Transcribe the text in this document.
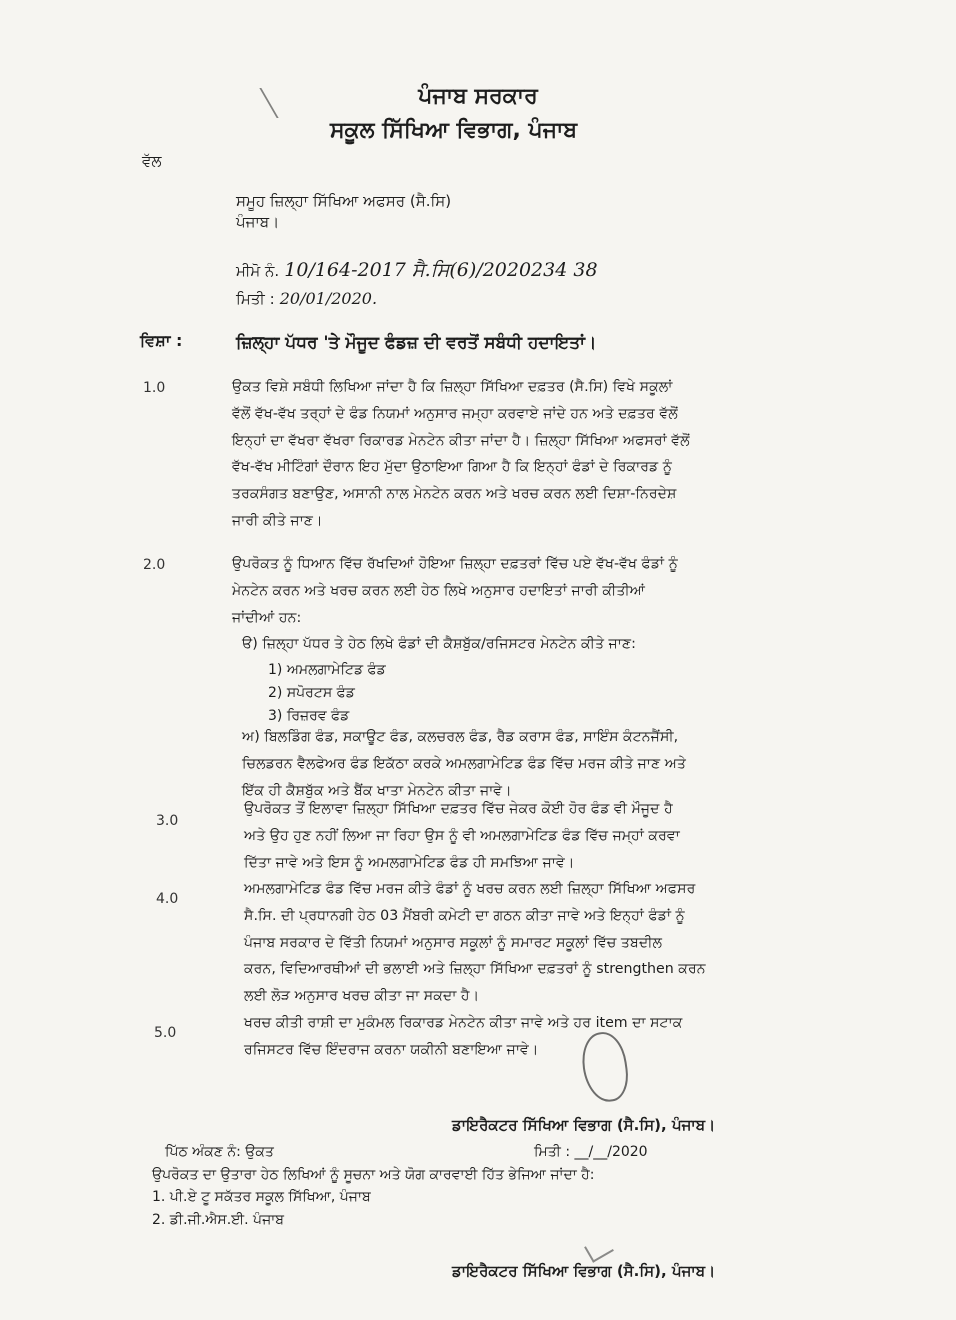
ਪੰਜਾਬ ਸਰਕਾਰ
ਸਕੂਲ ਸਿੱਖਿਆ ਵਿਭਾਗ, ਪੰਜਾਬ
ਵੱਲ
ਸਮੂਹ ਜ਼ਿਲ੍ਹਾ ਸਿੱਖਿਆ ਅਫਸਰ (ਸੈ.ਸਿ)
ਪੰਜਾਬ।
ਮੀਮੋ ਨੰ. 10/164-2017 ਸੈ.ਸਿ(6)/2020234 38
ਮਿਤੀ : 20/01/2020.
ਵਿਸ਼ਾ :	ਜ਼ਿਲ੍ਹਾ ਪੱਧਰ 'ਤੇ ਮੌਜੂਦ ਫੰਡਜ਼ ਦੀ ਵਰਤੋਂ ਸਬੰਧੀ ਹਦਾਇਤਾਂ।
1.0	ਉਕਤ ਵਿਸ਼ੇ ਸਬੰਧੀ ਲਿਖਿਆ ਜਾਂਦਾ ਹੈ ਕਿ ਜ਼ਿਲ੍ਹਾ ਸਿੱਖਿਆ ਦਫ਼ਤਰ (ਸੈ.ਸਿ) ਵਿਖੇ ਸਕੂਲਾਂ
ਵੱਲੋਂ ਵੱਖ-ਵੱਖ ਤਰ੍ਹਾਂ ਦੇ ਫੰਡ ਨਿਯਮਾਂ ਅਨੁਸਾਰ ਜਮ੍ਹਾ ਕਰਵਾਏ ਜਾਂਦੇ ਹਨ ਅਤੇ ਦਫ਼ਤਰ ਵੱਲੋਂ
ਇਨ੍ਹਾਂ ਦਾ ਵੱਖਰਾ ਵੱਖਰਾ ਰਿਕਾਰਡ ਮੇਨਟੇਨ ਕੀਤਾ ਜਾਂਦਾ ਹੈ। ਜ਼ਿਲ੍ਹਾ ਸਿੱਖਿਆ ਅਫਸਰਾਂ ਵੱਲੋਂ
ਵੱਖ-ਵੱਖ ਮੀਟਿੰਗਾਂ ਦੌਰਾਨ ਇਹ ਮੁੱਦਾ ਉਠਾਇਆ ਗਿਆ ਹੈ ਕਿ ਇਨ੍ਹਾਂ ਫੰਡਾਂ ਦੇ ਰਿਕਾਰਡ ਨੂੰ
ਤਰਕਸੰਗਤ ਬਣਾਉਣ, ਅਸਾਨੀ ਨਾਲ ਮੇਨਟੇਨ ਕਰਨ ਅਤੇ ਖਰਚ ਕਰਨ ਲਈ ਦਿਸ਼ਾ-ਨਿਰਦੇਸ਼
ਜਾਰੀ ਕੀਤੇ ਜਾਣ।
2.0	ਉਪਰੋਕਤ ਨੂੰ ਧਿਆਨ ਵਿੱਚ ਰੱਖਦਿਆਂ ਹੋਇਆ ਜ਼ਿਲ੍ਹਾ ਦਫ਼ਤਰਾਂ ਵਿੱਚ ਪਏ ਵੱਖ-ਵੱਖ ਫੰਡਾਂ ਨੂੰ
ਮੇਨਟੇਨ ਕਰਨ ਅਤੇ ਖਰਚ ਕਰਨ ਲਈ ਹੇਠ ਲਿਖੇ ਅਨੁਸਾਰ ਹਦਾਇਤਾਂ ਜਾਰੀ ਕੀਤੀਆਂ
ਜਾਂਦੀਆਂ ਹਨ:
ੳ) ਜ਼ਿਲ੍ਹਾ ਪੱਧਰ ਤੇ ਹੇਠ ਲਿਖੇ ਫੰਡਾਂ ਦੀ ਕੈਸ਼ਬੁੱਕ/ਰਜਿਸਟਰ ਮੇਨਟੇਨ ਕੀਤੇ ਜਾਣ:
1) ਅਮਲਗਾਮੇਟਿਡ ਫੰਡ
2) ਸਪੋਰਟਸ ਫੰਡ
3) ਰਿਜ਼ਰਵ ਫੰਡ
ਅ) ਬਿਲਡਿੰਗ ਫੰਡ, ਸਕਾਊਟ ਫੰਡ, ਕਲਚਰਲ ਫੰਡ, ਰੈਡ ਕਰਾਸ ਫੰਡ, ਸਾਇੰਸ ਕੰਟਨਜੈਂਸੀ,
ਚਿਲਡਰਨ ਵੈਲਫੇਅਰ ਫੰਡ ਇਕੱਠਾ ਕਰਕੇ ਅਮਲਗਾਮੇਟਿਡ ਫੰਡ ਵਿੱਚ ਮਰਜ ਕੀਤੇ ਜਾਣ ਅਤੇ
ਇੱਕ ਹੀ ਕੈਸ਼ਬੁੱਕ ਅਤੇ ਬੈਂਕ ਖਾਤਾ ਮੇਨਟੇਨ ਕੀਤਾ ਜਾਵੇ।
3.0
ਉਪਰੋਕਤ ਤੋਂ ਇਲਾਵਾ ਜ਼ਿਲ੍ਹਾ ਸਿੱਖਿਆ ਦਫ਼ਤਰ ਵਿੱਚ ਜੇਕਰ ਕੋਈ ਹੋਰ ਫੰਡ ਵੀ ਮੌਜੂਦ ਹੈ
ਅਤੇ ਉਹ ਹੁਣ ਨਹੀਂ ਲਿਆ ਜਾ ਰਿਹਾ ਉਸ ਨੂੰ ਵੀ ਅਮਲਗਾਮੇਟਿਡ ਫੰਡ ਵਿੱਚ ਜਮ੍ਹਾਂ ਕਰਵਾ
ਦਿੱਤਾ ਜਾਵੇ ਅਤੇ ਇਸ ਨੂੰ ਅਮਲਗਾਮੇਟਿਡ ਫੰਡ ਹੀ ਸਮਝਿਆ ਜਾਵੇ।
4.0
ਅਮਲਗਾਮੇਟਿਡ ਫੰਡ ਵਿੱਚ ਮਰਜ ਕੀਤੇ ਫੰਡਾਂ ਨੂੰ ਖਰਚ ਕਰਨ ਲਈ ਜ਼ਿਲ੍ਹਾ ਸਿੱਖਿਆ ਅਫਸਰ
ਸੈ.ਸਿ. ਦੀ ਪ੍ਰਧਾਨਗੀ ਹੇਠ 03 ਮੈਂਬਰੀ ਕਮੇਟੀ ਦਾ ਗਠਨ ਕੀਤਾ ਜਾਵੇ ਅਤੇ ਇਨ੍ਹਾਂ ਫੰਡਾਂ ਨੂੰ
ਪੰਜਾਬ ਸਰਕਾਰ ਦੇ ਵਿੱਤੀ ਨਿਯਮਾਂ ਅਨੁਸਾਰ ਸਕੂਲਾਂ ਨੂੰ ਸਮਾਰਟ ਸਕੂਲਾਂ ਵਿੱਚ ਤਬਦੀਲ
ਕਰਨ, ਵਿਦਿਆਰਥੀਆਂ ਦੀ ਭਲਾਈ ਅਤੇ ਜ਼ਿਲ੍ਹਾ ਸਿੱਖਿਆ ਦਫ਼ਤਰਾਂ ਨੂੰ strengthen ਕਰਨ
ਲਈ ਲੋੜ ਅਨੁਸਾਰ ਖਰਚ ਕੀਤਾ ਜਾ ਸਕਦਾ ਹੈ।
5.0
ਖਰਚ ਕੀਤੀ ਰਾਸ਼ੀ ਦਾ ਮੁਕੰਮਲ ਰਿਕਾਰਡ ਮੇਨਟੇਨ ਕੀਤਾ ਜਾਵੇ ਅਤੇ ਹਰ item ਦਾ ਸਟਾਕ
ਰਜਿਸਟਰ ਵਿੱਚ ਇੰਦਰਾਜ ਕਰਨਾ ਯਕੀਨੀ ਬਣਾਇਆ ਜਾਵੇ।
ਡਾਇਰੈਕਟਰ ਸਿੱਖਿਆ ਵਿਭਾਗ (ਸੈ.ਸਿ), ਪੰਜਾਬ।
ਪਿੱਠ ਅੰਕਣ ਨੰ: ਉਕਤ	ਮਿਤੀ : __/__/2020
ਉਪਰੋਕਤ ਦਾ ਉਤਾਰਾ ਹੇਠ ਲਿਖਿਆਂ ਨੂੰ ਸੂਚਨਾ ਅਤੇ ਯੋਗ ਕਾਰਵਾਈ ਹਿੱਤ ਭੇਜਿਆ ਜਾਂਦਾ ਹੈ:
1. ਪੀ.ਏ ਟੂ ਸਕੱਤਰ ਸਕੂਲ ਸਿੱਖਿਆ, ਪੰਜਾਬ
2. ਡੀ.ਜੀ.ਐਸ.ਈ. ਪੰਜਾਬ
ਡਾਇਰੈਕਟਰ ਸਿੱਖਿਆ ਵਿਭਾਗ (ਸੈ.ਸਿ), ਪੰਜਾਬ।
